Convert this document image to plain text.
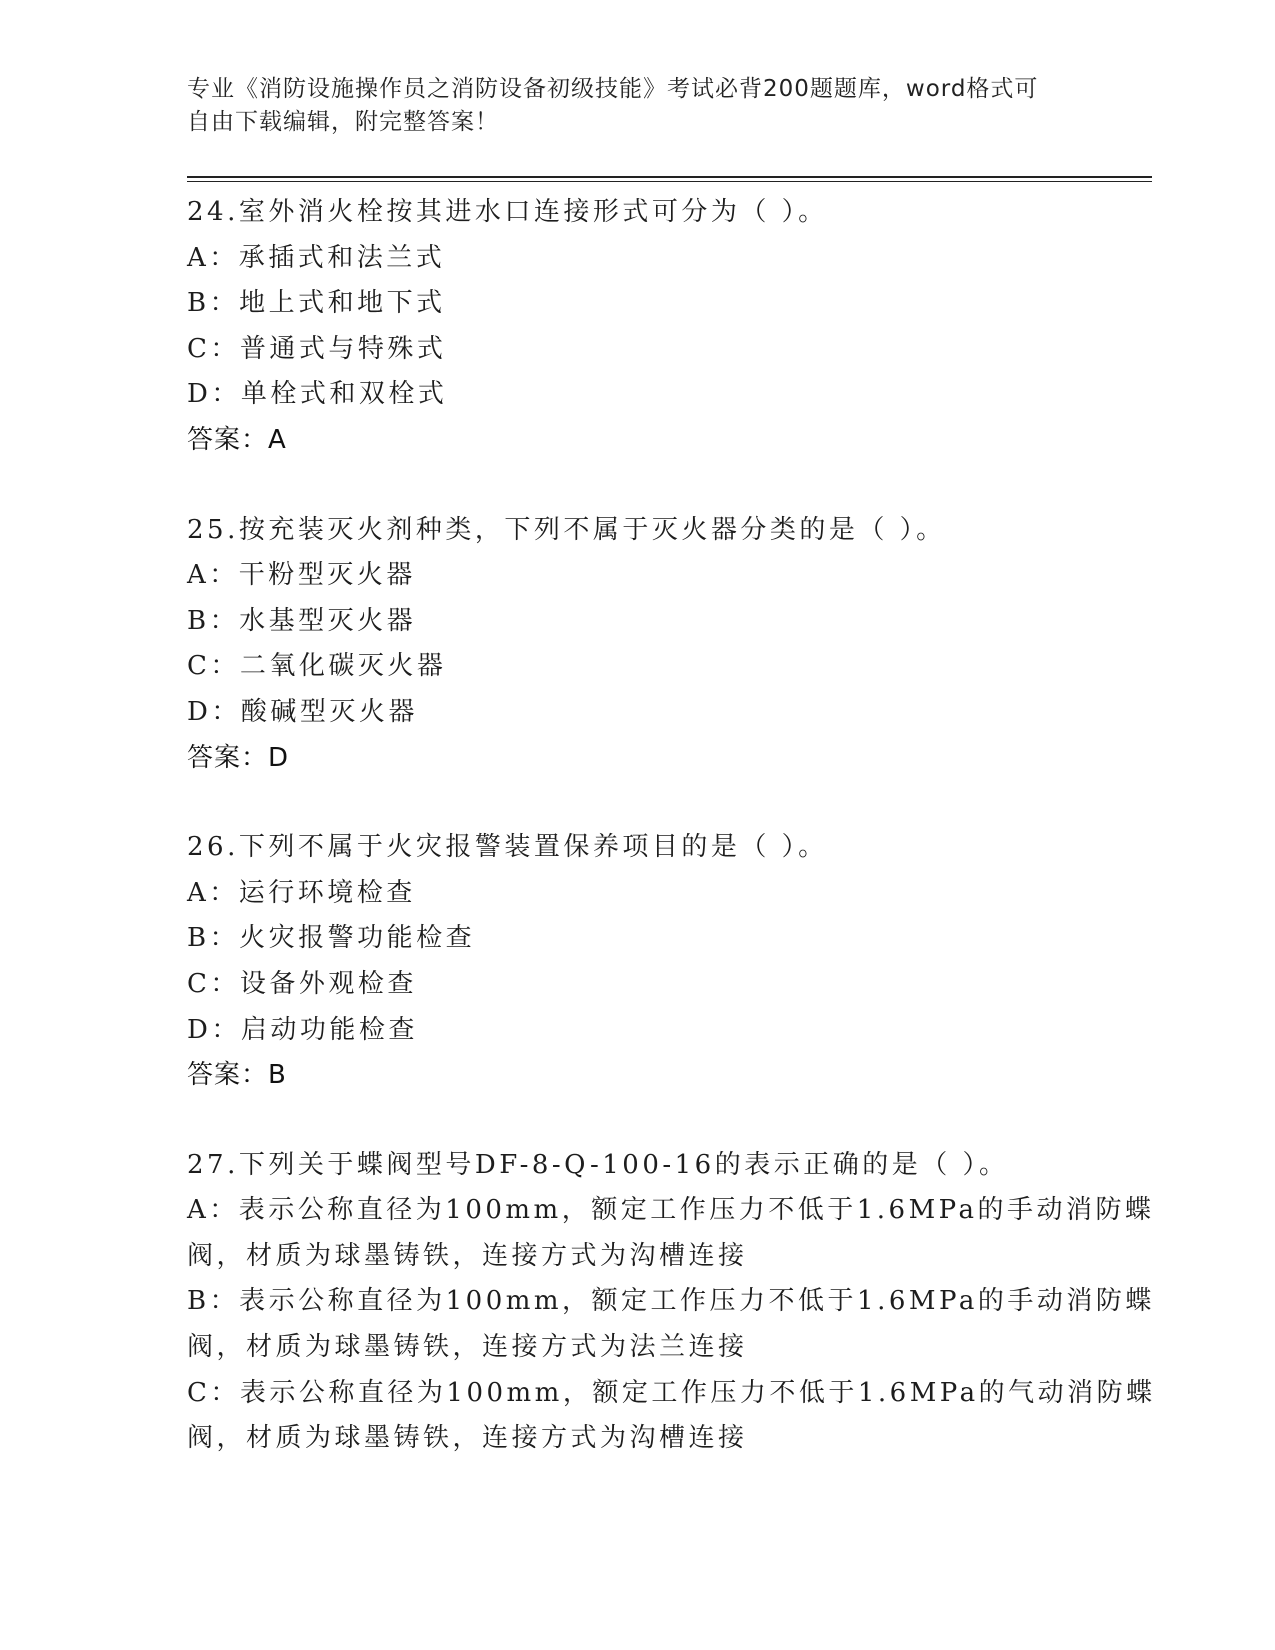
专业《消防设施操作员之消防设备初级技能》考试必背200题题库，word格式可
自由下载编辑，附完整答案！
24.室外消火栓按其进水口连接形式可分为（ ）。
A：承插式和法兰式
B：地上式和地下式
C：普通式与特殊式
D：单栓式和双栓式
答案：A
25.按充装灭火剂种类，下列不属于灭火器分类的是（ ）。
A：干粉型灭火器
B：水基型灭火器
C：二氧化碳灭火器
D：酸碱型灭火器
答案：D
26.下列不属于火灾报警装置保养项目的是（ ）。
A：运行环境检查
B：火灾报警功能检查
C：设备外观检查
D：启动功能检查
答案：B
27.下列关于蝶阀型号DF-8-Q-100-16的表示正确的是（ ）。
A：表示公称直径为100mm，额定工作压力不低于1.6MPa的手动消防蝶
阀，材质为球墨铸铁，连接方式为沟槽连接
B：表示公称直径为100mm，额定工作压力不低于1.6MPa的手动消防蝶
阀，材质为球墨铸铁，连接方式为法兰连接
C：表示公称直径为100mm，额定工作压力不低于1.6MPa的气动消防蝶
阀，材质为球墨铸铁，连接方式为沟槽连接
